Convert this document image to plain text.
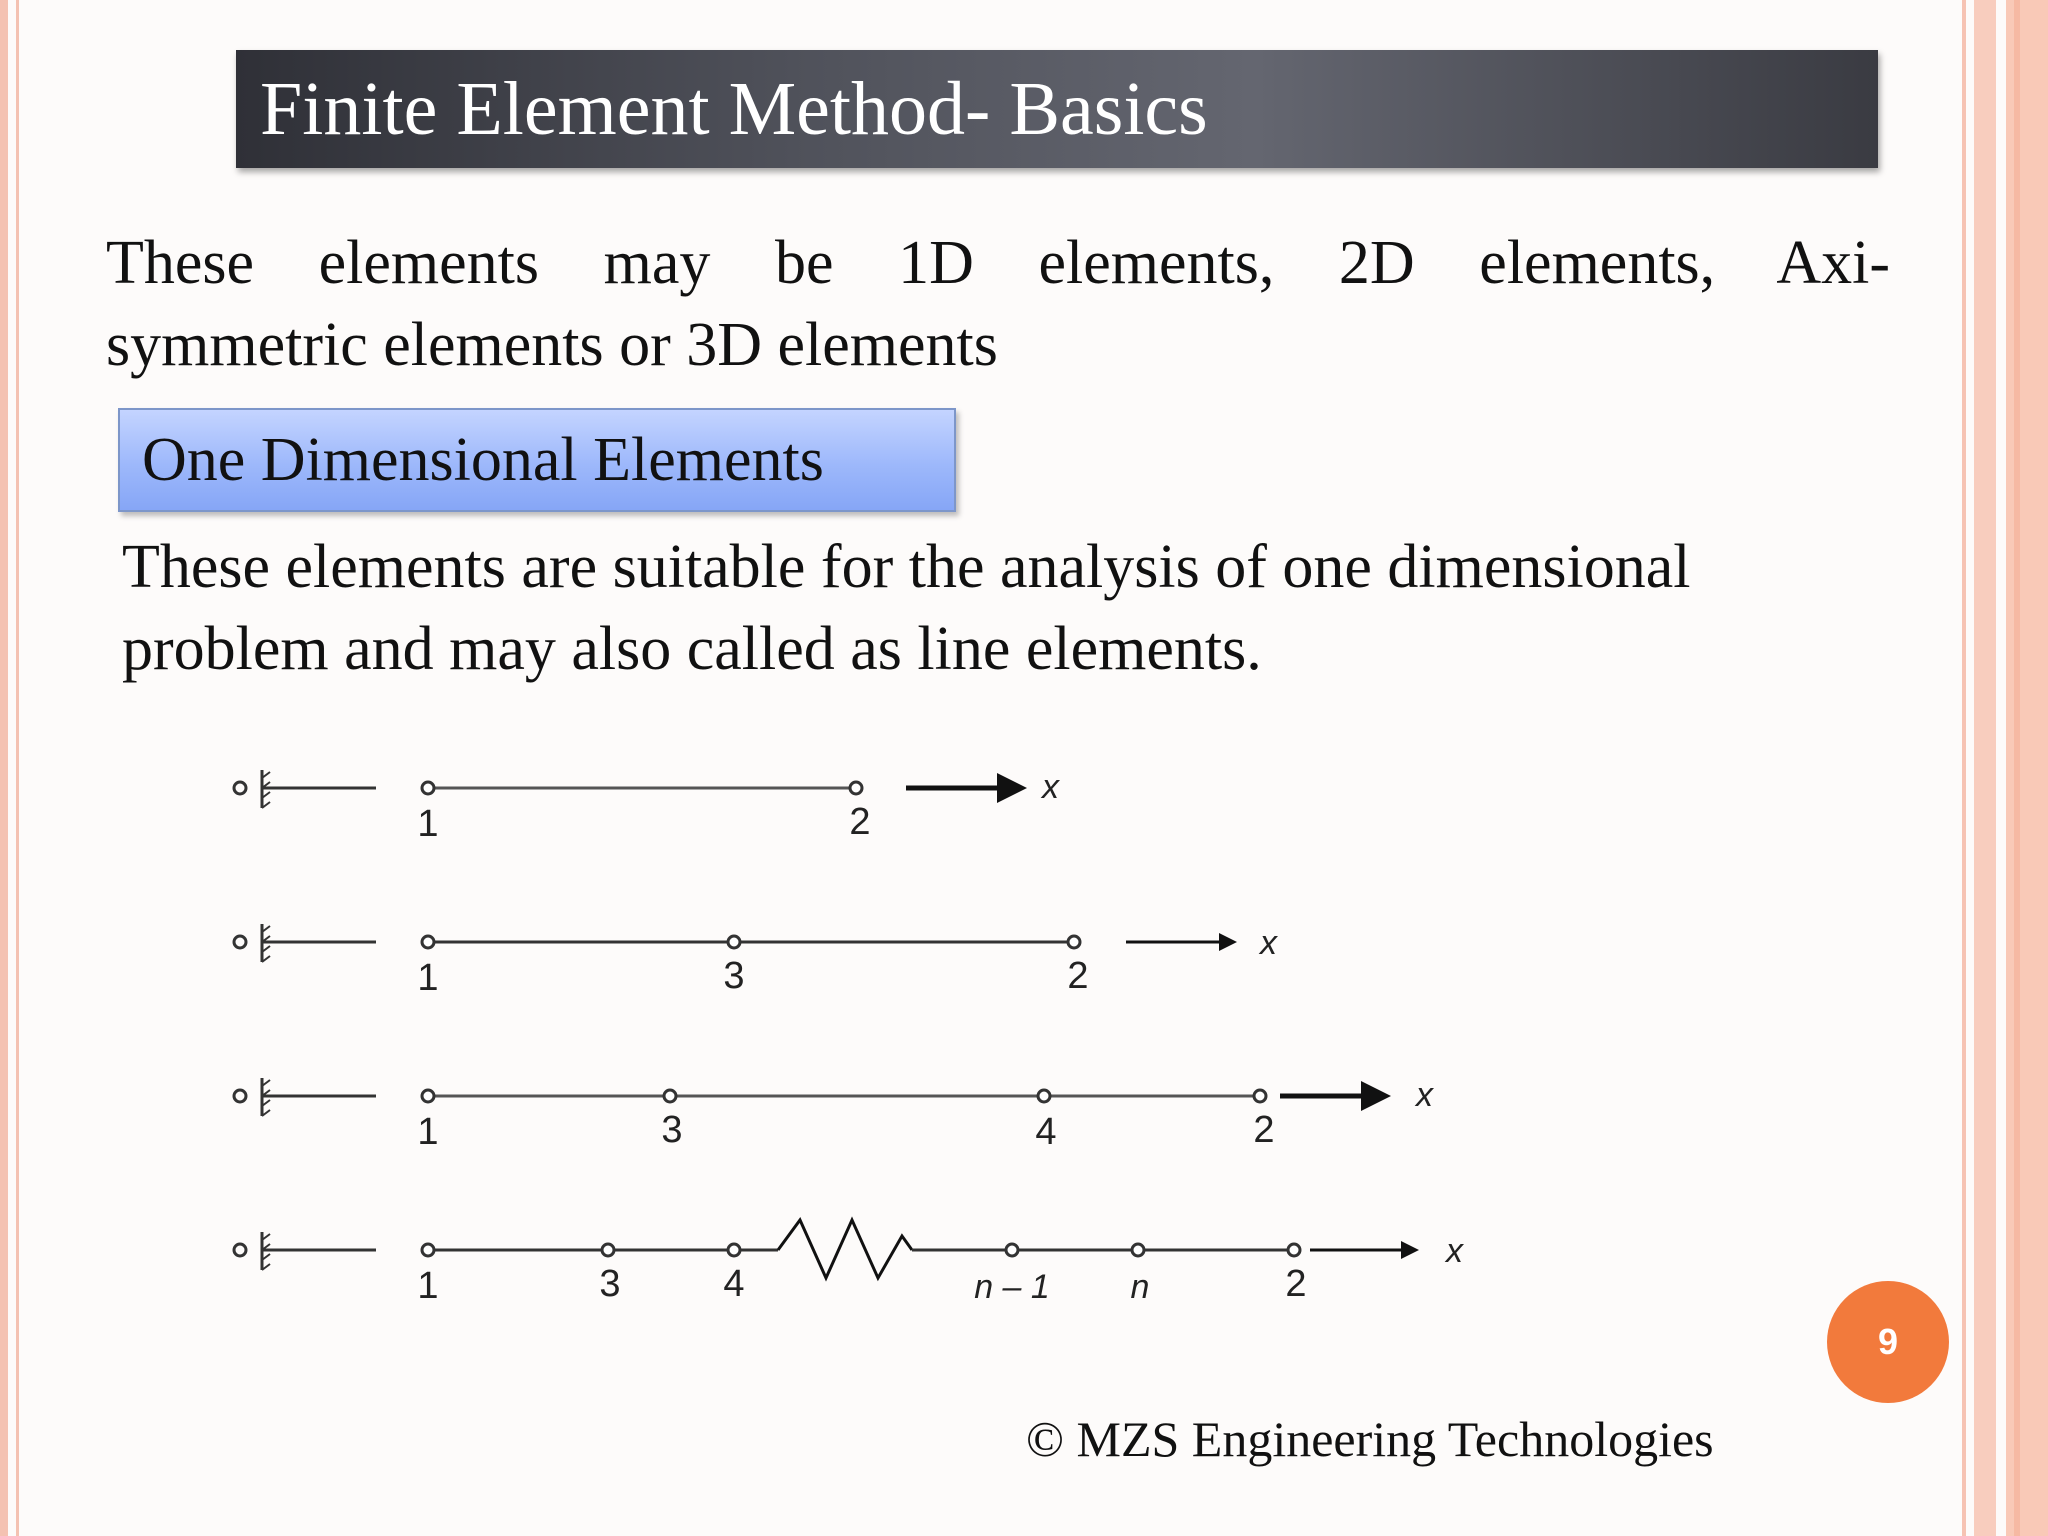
Finite Element Method- Basics
These elements may be 1D elements, 2D elements, Axi-
symmetric elements or 3D elements
One Dimensional Elements
These elements are suitable for the analysis of one dimensional
problem and may also called as line elements.
1	2
x
1	3	2
x
1	3	4	2
x
1	3	4	n – 1 n	2
x
9
© MZS Engineering Technologies
